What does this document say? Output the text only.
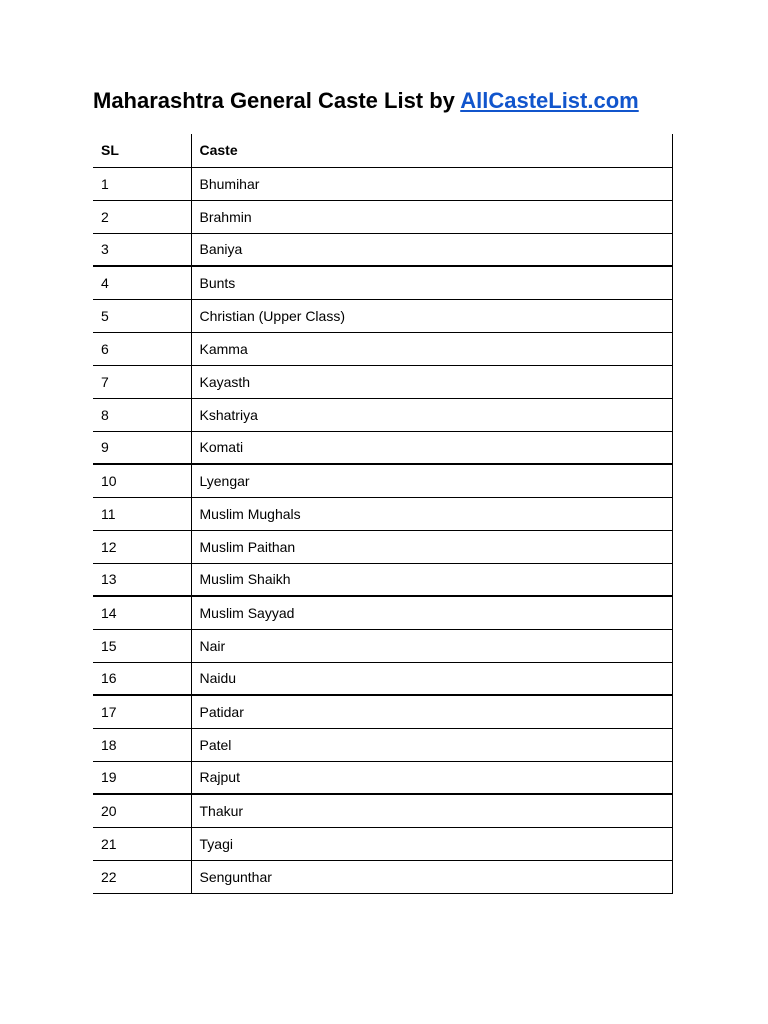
Maharashtra General Caste List by AllCasteList.com
SL	Caste
1	Bhumihar
2	Brahmin
3	Baniya
4	Bunts
5	Christian (Upper Class)
6	Kamma
7	Kayasth
8	Kshatriya
9	Komati
10	Lyengar
11	Muslim Mughals
12	Muslim Paithan
13	Muslim Shaikh
14	Muslim Sayyad
15	Nair
16	Naidu
17	Patidar
18	Patel
19	Rajput
20	Thakur
21	Tyagi
22	Sengunthar
